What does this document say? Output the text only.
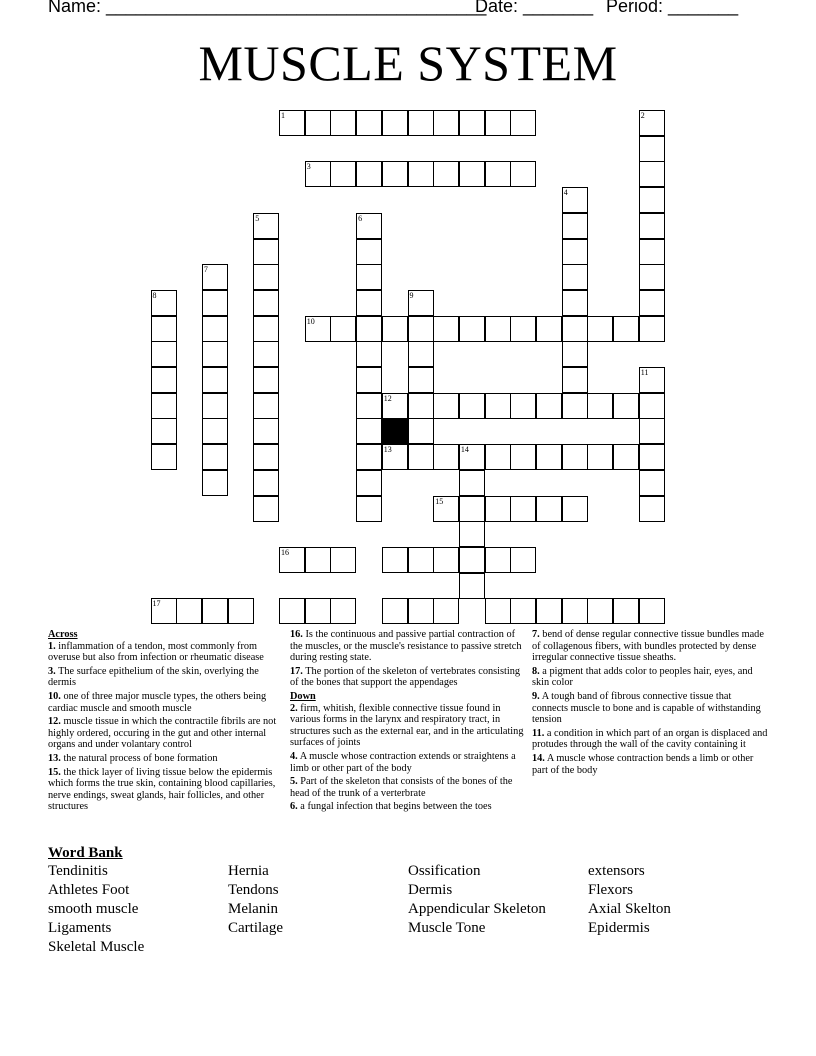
Name: ______________________________________
Date: _______ Period: _______
MUSCLE SYSTEM
1	2
3
4
5	6
7
8	9
10
11
12
13	14
15
16
17
Across
1. inflammation of a tendon, most commonly from overuse but also from infection or rheumatic disease
3. The surface epithelium of the skin, overlying the dermis
10. one of three major muscle types, the others being cardiac muscle and smooth muscle
12. muscle tissue in which the contractile fibrils are not highly ordered, occuring in the gut and other internal organs and under volantary control
13. the natural process of bone formation
15. the thick layer of living tissue below the epidermis which forms the true skin, containing blood capillaries, nerve endings, sweat glands, hair follicles, and other structures
16. Is the continuous and passive partial contraction of the muscles, or the muscle's resistance to passive stretch during resting state.
17. The portion of the skeleton of vertebrates consisting of the bones that support the appendages
Down
2. firm, whitish, flexible connective tissue found in various forms in the larynx and respiratory tract, in structures such as the external ear, and in the articulating surfaces of joints
4. A muscle whose contraction extends or straightens a limb or other part of the body
5. Part of the skeleton that consists of the bones of the head of the trunk of a verterbrate
6. a fungal infection that begins between the toes
7. bend of dense regular connective tissue bundles made of collagenous fibers, with bundles protected by dense irregular connective tissue sheaths.
8. a pigment that adds color to peoples hair, eyes, and skin color
9. A tough band of fibrous connective tissue that connects muscle to bone and is capable of withstanding tension
11. a condition in which part of an organ is displaced and protudes through the wall of the cavity containing it
14. A muscle whose contraction bends a limb or other part of the body
Word Bank
Tendinitis
Athletes Foot
smooth muscle
Ligaments
Skeletal Muscle
Hernia
Tendons
Melanin
Cartilage
Ossification
Dermis
Appendicular Skeleton
Muscle Tone
extensors
Flexors
Axial Skelton
Epidermis
